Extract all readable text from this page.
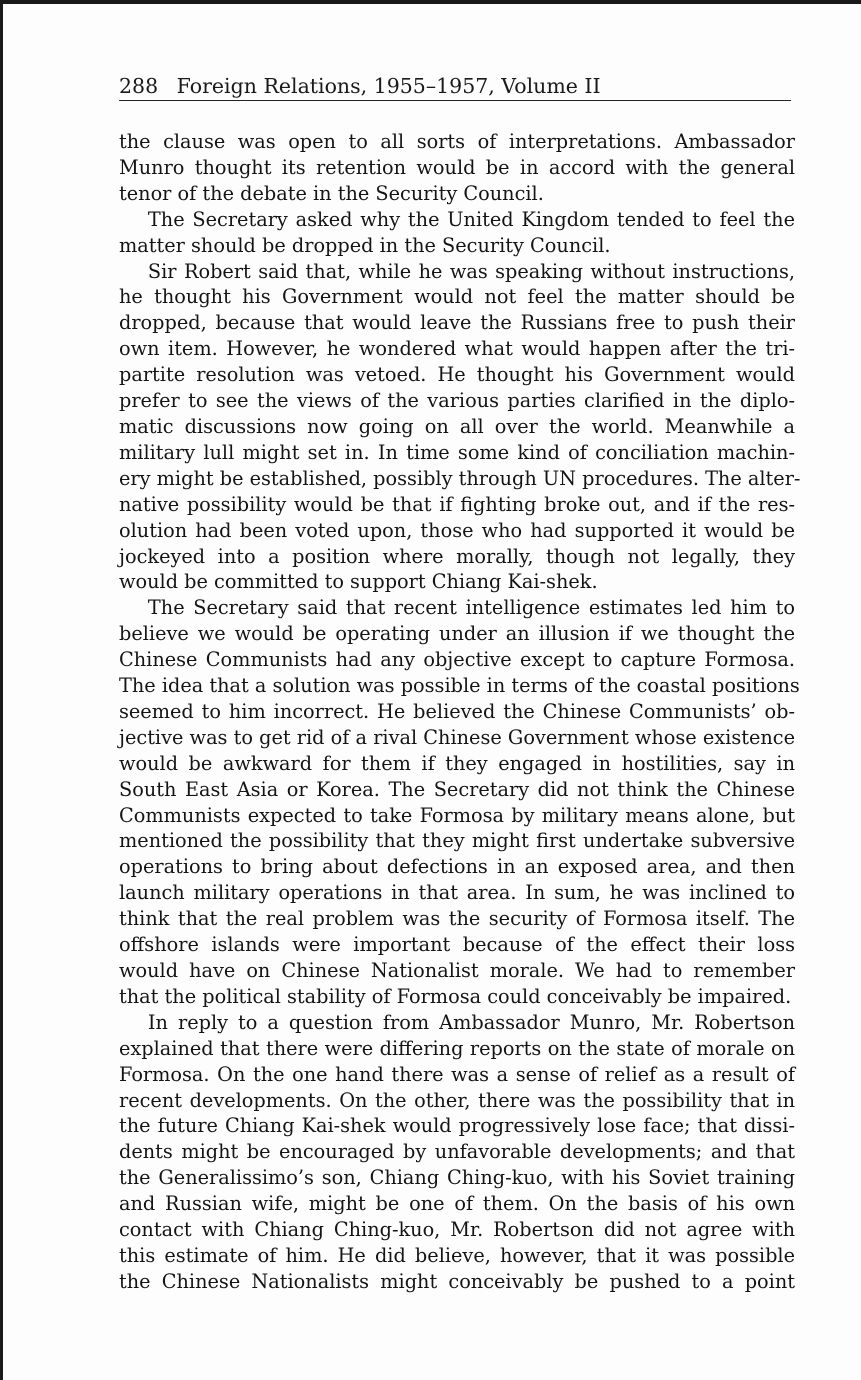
288 Foreign Relations, 1955–1957, Volume II

the clause was open to all sorts of interpretations. Ambassador
Munro thought its retention would be in accord with the general
tenor of the debate in the Security Council.

  The Secretary asked why the United Kingdom tended to feel the
matter should be dropped in the Security Council.

  Sir Robert said that, while he was speaking without instructions,
he thought his Government would not feel the matter should be
dropped, because that would leave the Russians free to push their
own item. However, he wondered what would happen after the tri-
partite resolution was vetoed. He thought his Government would
prefer to see the views of the various parties clarified in the diplo-
matic discussions now going on all over the world. Meanwhile a
military lull might set in. In time some kind of conciliation machin-
ery might be established, possibly through UN procedures. The alter-
native possibility would be that if fighting broke out, and if the res-
olution had been voted upon, those who had supported it would be
jockeyed into a position where morally, though not legally, they
would be committed to support Chiang Kai-shek.

  The Secretary said that recent intelligence estimates led him to
believe we would be operating under an illusion if we thought the
Chinese Communists had any objective except to capture Formosa.
The idea that a solution was possible in terms of the coastal positions
seemed to him incorrect. He believed the Chinese Communists’ ob-
jective was to get rid of a rival Chinese Government whose existence
would be awkward for them if they engaged in hostilities, say in
South East Asia or Korea. The Secretary did not think the Chinese
Communists expected to take Formosa by military means alone, but
mentioned the possibility that they might first undertake subversive
operations to bring about defections in an exposed area, and then
launch military operations in that area. In sum, he was inclined to
think that the real problem was the security of Formosa itself. The
offshore islands were important because of the effect their loss
would have on Chinese Nationalist morale. We had to remember
that the political stability of Formosa could conceivably be impaired.

  In reply to a question from Ambassador Munro, Mr. Robertson
explained that there were differing reports on the state of morale on
Formosa. On the one hand there was a sense of relief as a result of
recent developments. On the other, there was the possibility that in
the future Chiang Kai-shek would progressively lose face; that dissi-
dents might be encouraged by unfavorable developments; and that
the Generalissimo’s son, Chiang Ching-kuo, with his Soviet training
and Russian wife, might be one of them. On the basis of his own
contact with Chiang Ching-kuo, Mr. Robertson did not agree with
this estimate of him. He did believe, however, that it was possible
the Chinese Nationalists might conceivably be pushed to a point
